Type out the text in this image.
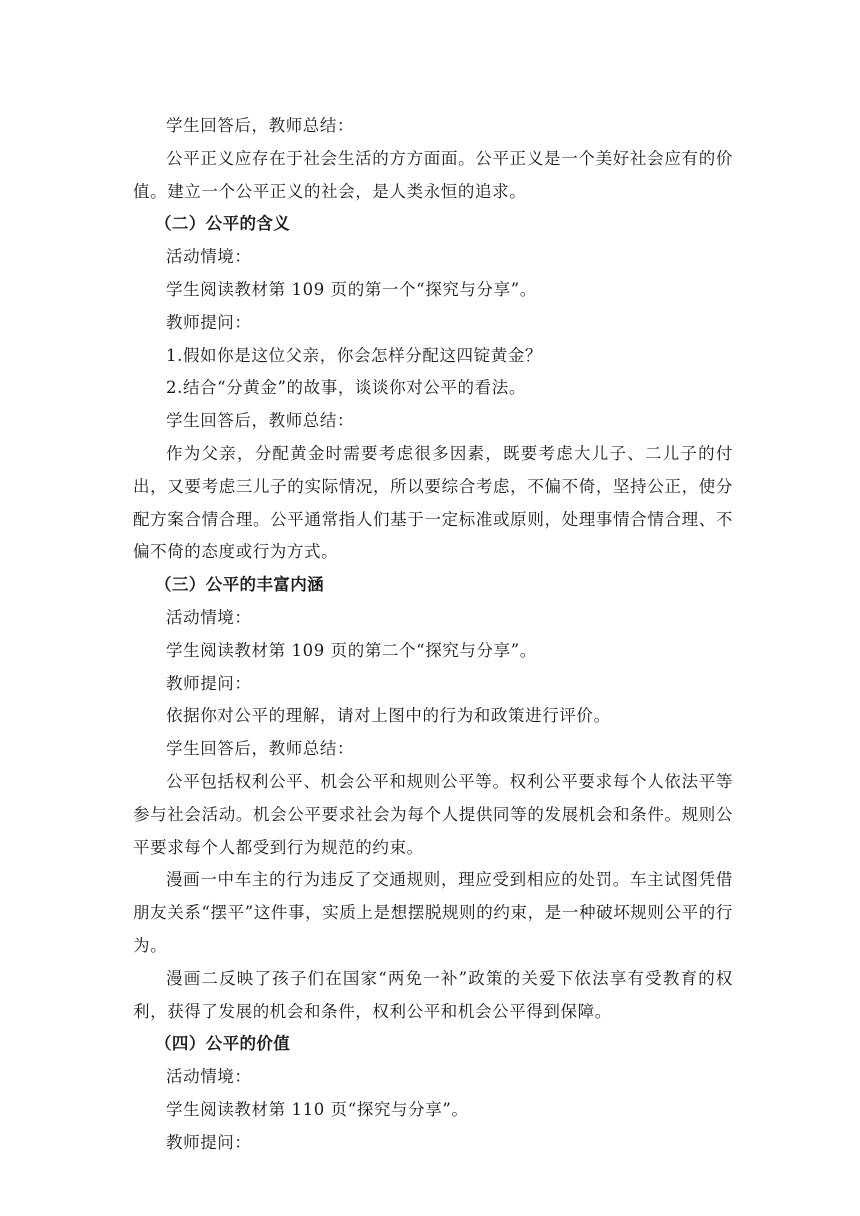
学生回答后，教师总结：

公平正义应存在于社会生活的方方面面。公平正义是一个美好社会应有的价值。建立一个公平正义的社会，是人类永恒的追求。

（二）公平的含义

活动情境：

学生阅读教材第 109 页的第一个“探究与分享”。

教师提问：

1.假如你是这位父亲，你会怎样分配这四锭黄金？

2.结合“分黄金”的故事，谈谈你对公平的看法。

学生回答后，教师总结：

作为父亲，分配黄金时需要考虑很多因素，既要考虑大儿子、二儿子的付出，又要考虑三儿子的实际情况，所以要综合考虑，不偏不倚，坚持公正，使分配方案合情合理。公平通常指人们基于一定标准或原则，处理事情合情合理、不偏不倚的态度或行为方式。

（三）公平的丰富内涵

活动情境：

学生阅读教材第 109 页的第二个“探究与分享”。

教师提问：

依据你对公平的理解，请对上图中的行为和政策进行评价。

学生回答后，教师总结：

公平包括权利公平、机会公平和规则公平等。权利公平要求每个人依法平等参与社会活动。机会公平要求社会为每个人提供同等的发展机会和条件。规则公平要求每个人都受到行为规范的约束。

漫画一中车主的行为违反了交通规则，理应受到相应的处罚。车主试图凭借朋友关系“摆平”这件事，实质上是想摆脱规则的约束，是一种破坏规则公平的行为。

漫画二反映了孩子们在国家“两免一补”政策的关爱下依法享有受教育的权利，获得了发展的机会和条件，权利公平和机会公平得到保障。

（四）公平的价值

活动情境：

学生阅读教材第 110 页“探究与分享”。

教师提问：
